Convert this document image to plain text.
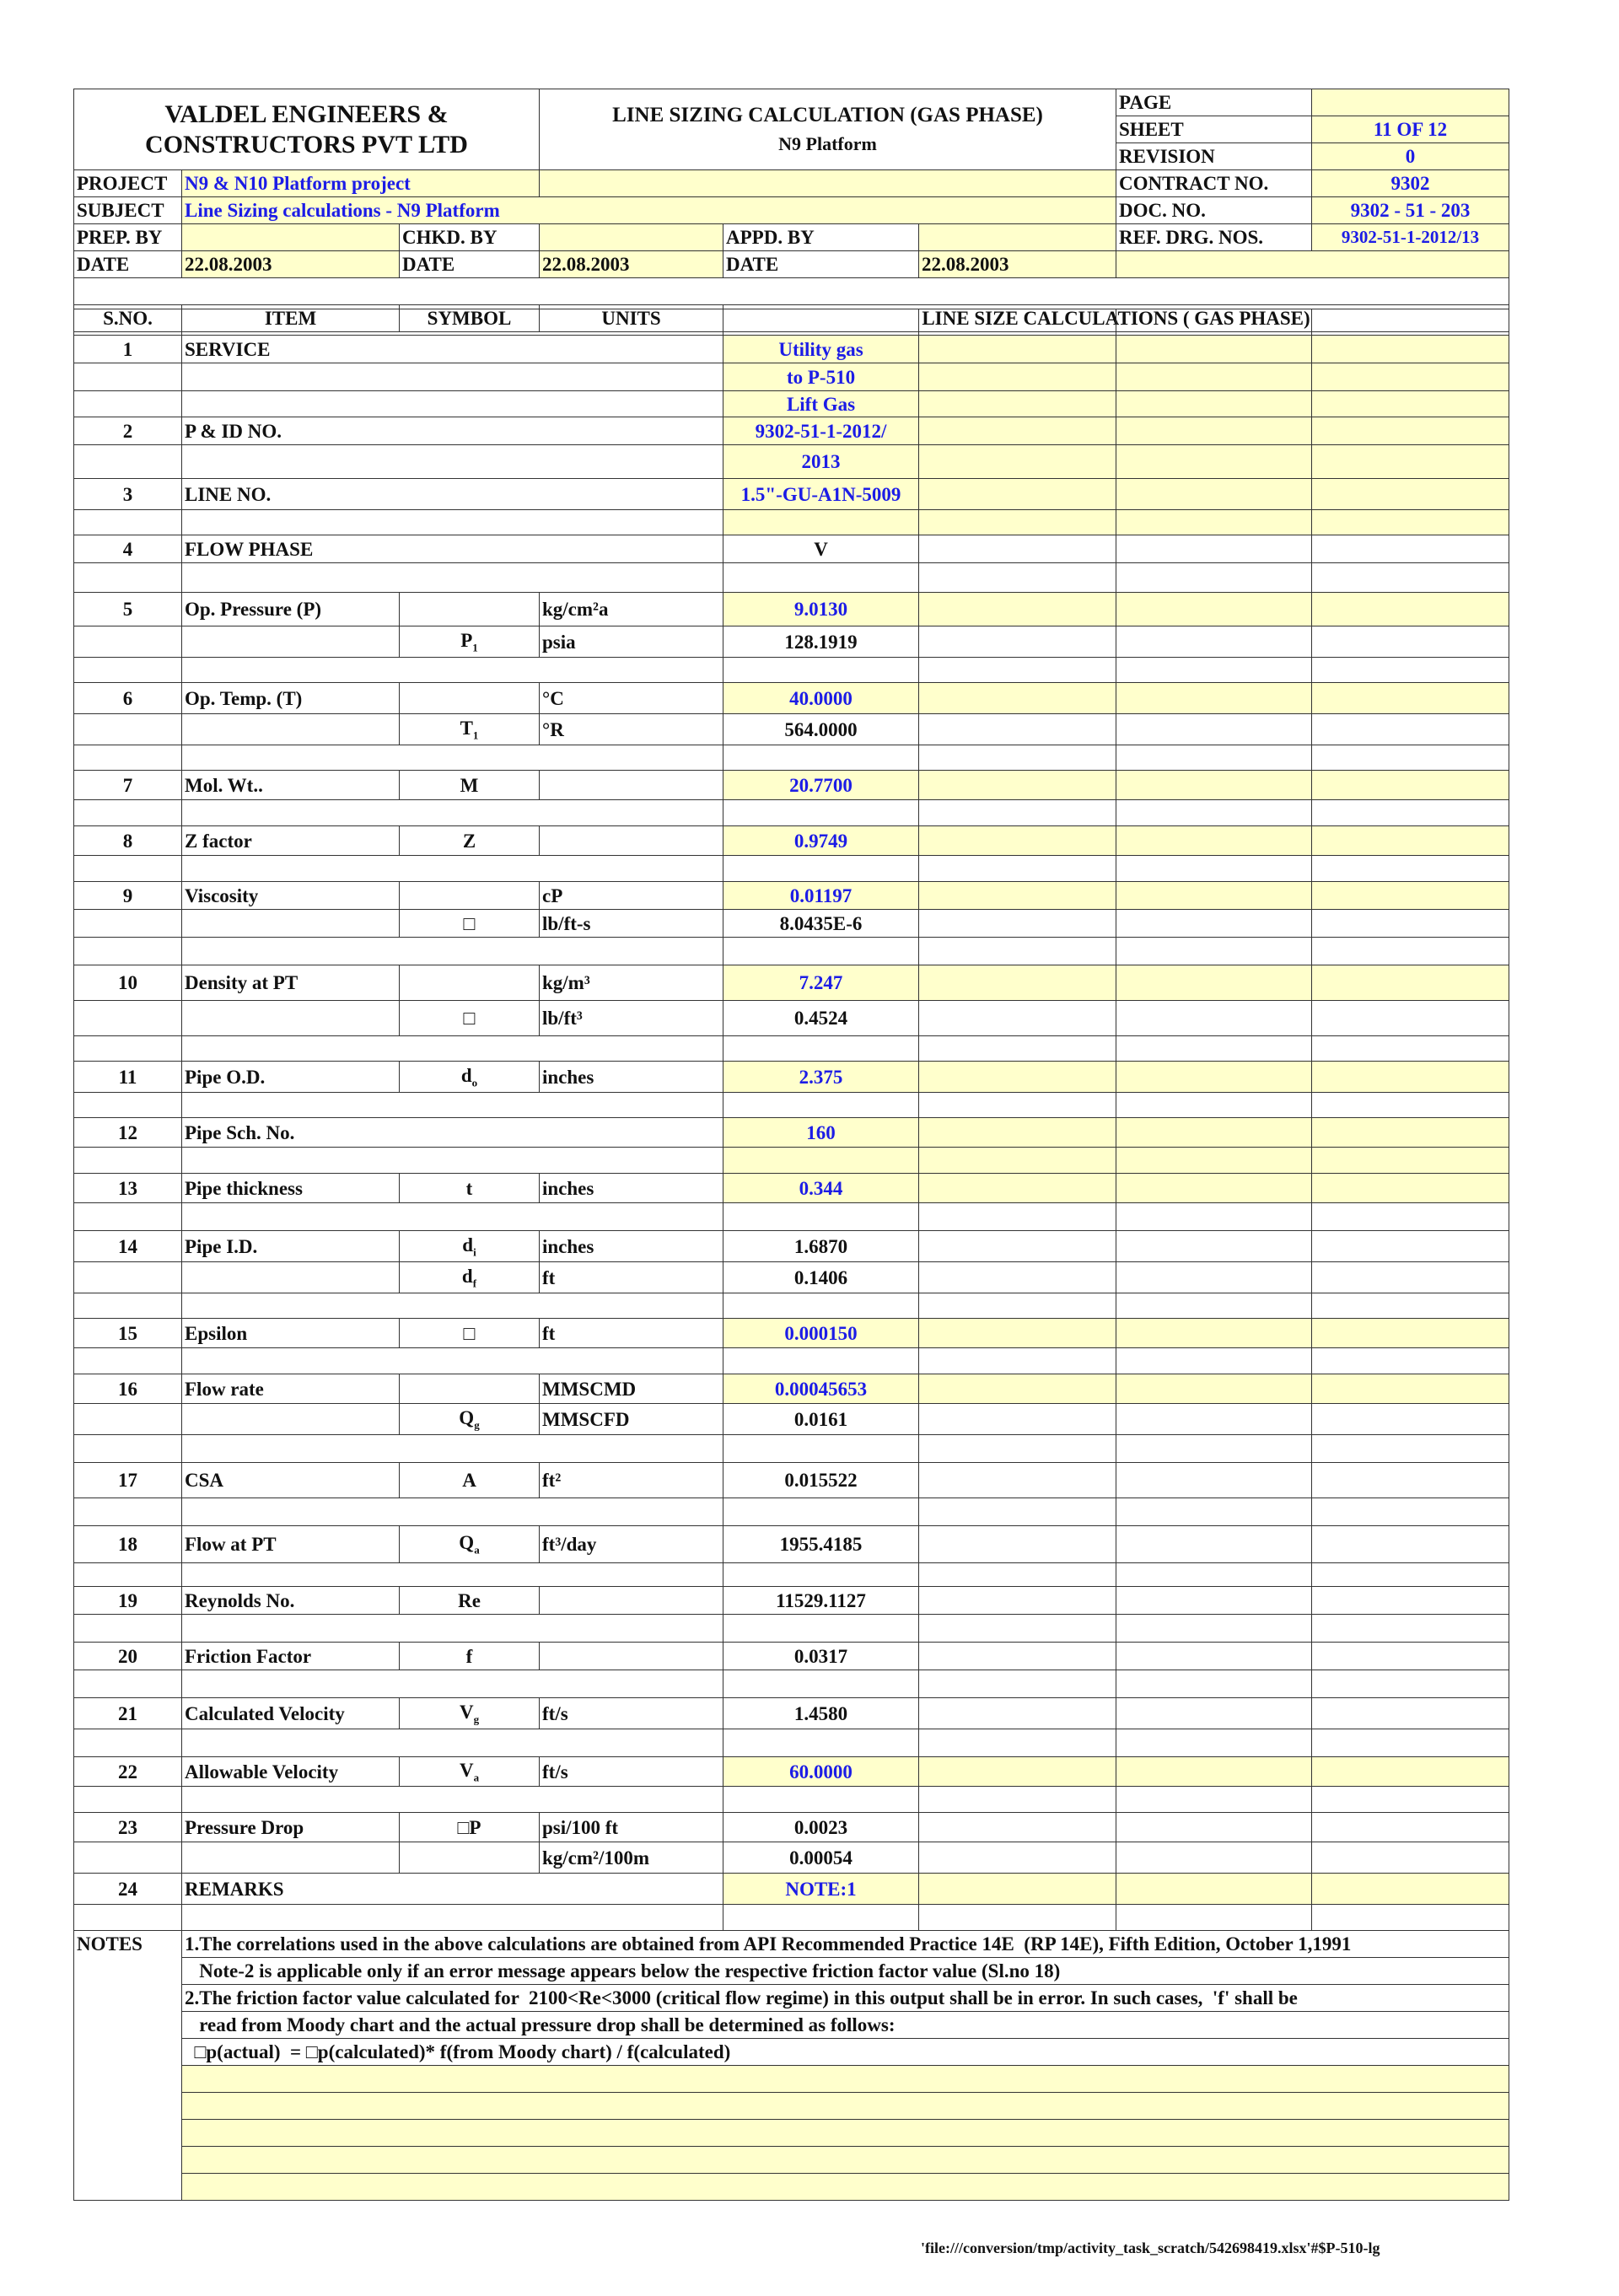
VALDEL ENGINEERS &
CONSTRUCTORS PVT LTD			LINE SIZING CALCULATION (GAS PHASE)
N9 Platform			PAGE	
						SHEET	11 OF 12
						REVISION	0
PROJECT	N9 & N10 Platform project					CONTRACT NO.	9302
SUBJECT	Line Sizing calculations - N9 Platform					DOC. NO.	9302 - 51 - 203
PREP. BY		CHKD. BY		APPD. BY		REF. DRG. NOS.	9302-51-1-2012/13
DATE	22.08.2003	DATE	22.08.2003	DATE	22.08.2003		

S.NO.	ITEM	SYMBOL	UNITS	LINE SIZE CALCULATIONS ( GAS PHASE)			

1	SERVICE			Utility gas			
				to P-510			
				Lift Gas			
2	P & ID NO.			9302-51-1-2012/			
				2013			
3	LINE NO.			1.5"-GU-A1N-5009			

4	FLOW PHASE			V			

5	Op. Pressure (P)		kg/cm²a	9.0130			
		$P_1$	psia	128.1919			

6	Op. Temp. (T)		°C	40.0000			
		$T_1$	°R	564.0000			

7	Mol. Wt..	M		20.7700			

8	Z factor	Z		0.9749			

9	Viscosity		cP	0.01197			
		□	lb/ft-s	8.0435E-6			

10	Density at PT		kg/m³	7.247			
		□	lb/ft³	0.4524			

11	Pipe O.D.	$d_o$	inches	2.375			

12	Pipe Sch. No.			160			

13	Pipe thickness	t	inches	0.344			

14	Pipe I.D.	$d_i$	inches	1.6870			
		$d_f$	ft	0.1406			

15	Epsilon	□	ft	0.000150			

16	Flow rate		MMSCMD	0.00045653			
		$Q_g$	MMSCFD	0.0161			

17	CSA	A	ft²	0.015522			

18	Flow at PT	$Q_a$	ft³/day	1955.4185			

19	Reynolds No.	Re		11529.1127			

20	Friction Factor	f		0.0317			

21	Calculated Velocity	$V_g$	ft/s	1.4580			

22	Allowable Velocity	$V_a$	ft/s	60.0000			

23	Pressure Drop	□P	psi/100 ft	0.0023			
			kg/cm²/100m	0.00054			
24	REMARKS			NOTE:1			

NOTES	1.The correlations used in the above calculations are obtained from API Recommended Practice 14E  (RP 14E), Fifth Edition, October 1,1991
Note-2 is applicable only if an error message appears below the respective friction factor value (Sl.no 18)
2.The friction factor value calculated for  2100<Re<3000 (critical flow regime) in this output shall be in error. In such cases,  'f' shall be
read from Moody chart and the actual pressure drop shall be determined as follows:
□p(actual)  = □p(calculated)* f(from Moody chart) / f(calculated)

'file:///conversion/tmp/activity_task_scratch/542698419.xlsx'#$P-510-lg
